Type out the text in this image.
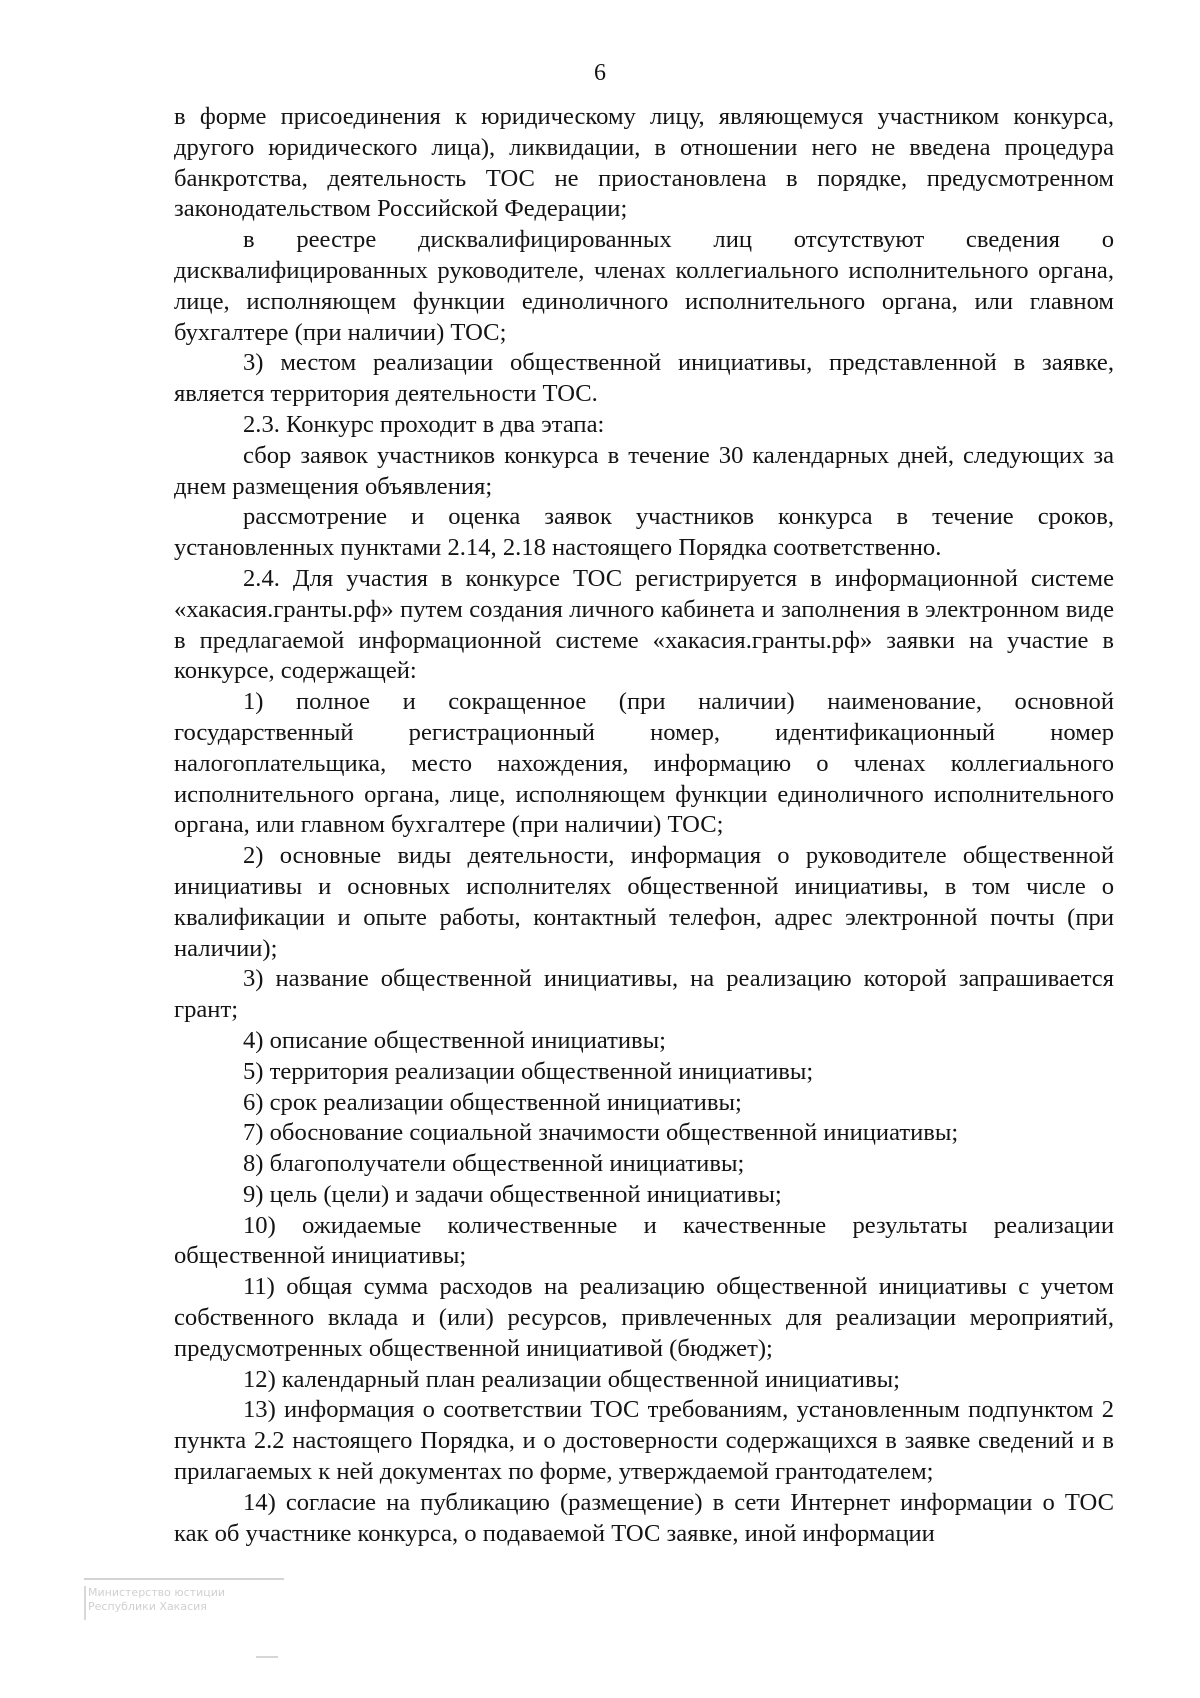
6

в форме присоединения к юридическому лицу, являющемуся участником конкурса, другого юридического лица), ликвидации, в отношении него не введена процедура банкротства, деятельность ТОС не приостановлена в порядке, предусмотренном законодательством Российской Федерации;

в реестре дисквалифицированных лиц отсутствуют сведения о дисквалифицированных руководителе, членах коллегиального исполнительного органа, лице, исполняющем функции единоличного исполнительного органа, или главном бухгалтере (при наличии) ТОС;

3) местом реализации общественной инициативы, представленной в заявке, является территория деятельности ТОС.

2.3. Конкурс проходит в два этапа:

сбор заявок участников конкурса в течение 30 календарных дней, следующих за днем размещения объявления;

рассмотрение и оценка заявок участников конкурса в течение сроков, установленных пунктами 2.14, 2.18 настоящего Порядка соответственно.

2.4. Для участия в конкурсе ТОС регистрируется в информационной системе «хакасия.гранты.рф» путем создания личного кабинета и заполнения в электронном виде в предлагаемой информационной системе «хакасия.гранты.рф» заявки на участие в конкурсе, содержащей:

1) полное и сокращенное (при наличии) наименование, основной государственный регистрационный номер, идентификационный номер налогоплательщика, место нахождения, информацию о членах коллегиального исполнительного органа, лице, исполняющем функции единоличного исполнительного органа, или главном бухгалтере (при наличии) ТОС;

2) основные виды деятельности, информация о руководителе общественной инициативы и основных исполнителях общественной инициативы, в том числе о квалификации и опыте работы, контактный телефон, адрес электронной почты (при наличии);

3) название общественной инициативы, на реализацию которой запрашивается грант;

4) описание общественной инициативы;

5) территория реализации общественной инициативы;

6) срок реализации общественной инициативы;

7) обоснование социальной значимости общественной инициативы;

8) благополучатели общественной инициативы;

9) цель (цели) и задачи общественной инициативы;

10) ожидаемые количественные и качественные результаты реализации общественной инициативы;

11) общая сумма расходов на реализацию общественной инициативы с учетом собственного вклада и (или) ресурсов, привлеченных для реализации мероприятий, предусмотренных общественной инициативой (бюджет);

12) календарный план реализации общественной инициативы;

13) информация о соответствии ТОС требованиям, установленным подпунктом 2 пункта 2.2 настоящего Порядка, и о достоверности содержащихся в заявке сведений и в прилагаемых к ней документах по форме, утверждаемой грантодателем;

14) согласие на публикацию (размещение) в сети Интернет информации о ТОС как об участнике конкурса, о подаваемой ТОС заявке, иной информации

Министерство юстиции
Республики Хакасия
